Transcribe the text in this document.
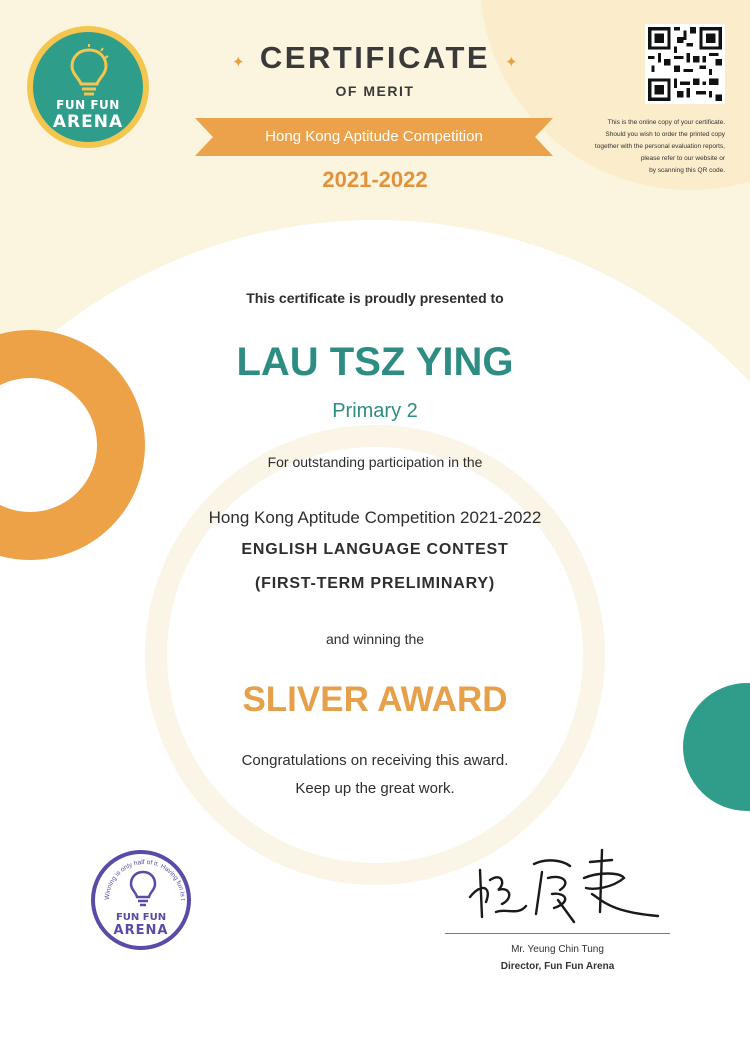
FUN FUN
ARENA
✦ CERTIFICATE ✦
OF MERIT
Hong Kong Aptitude Competition
2021-2022
This is the online copy of your certificate.
Should you wish to order the printed copy
together with the personal evaluation reports,
please refer to our website or
by scanning this QR code.
This certificate is proudly presented to
LAU TSZ YING
Primary 2
For outstanding participation in the
Hong Kong Aptitude Competition 2021-2022
ENGLISH LANGUAGE CONTEST
(FIRST-TERM PRELIMINARY)
and winning the
SLIVER AWARD
Congratulations on receiving this award.
Keep up the great work.
Winning is only half of it. Having fun is t
FUN FUN
ARENA
Mr. Yeung Chin Tung
Director, Fun Fun Arena
